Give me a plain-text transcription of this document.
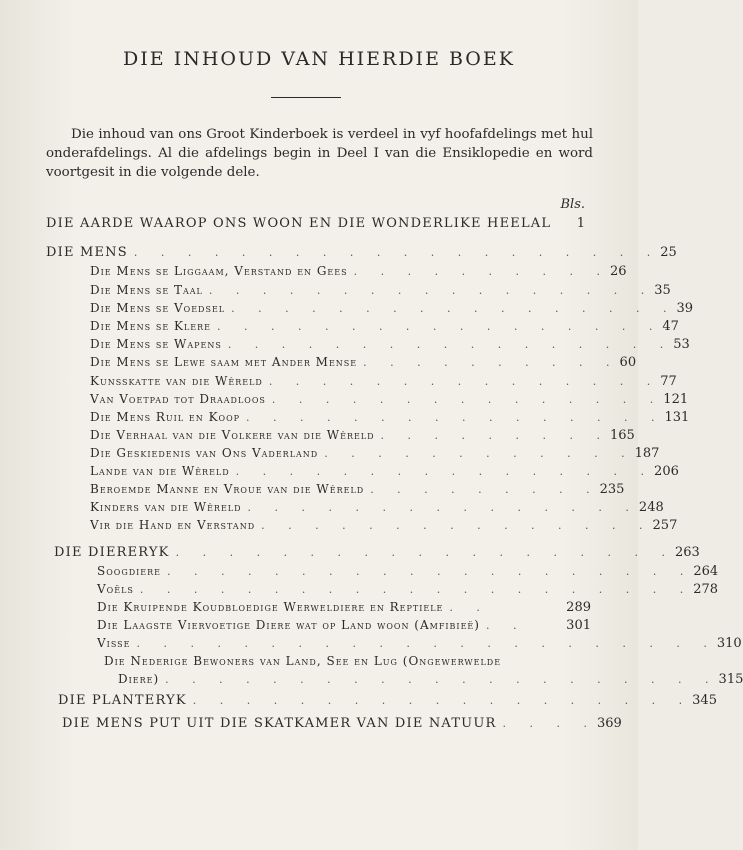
DIE INHOUD VAN HIERDIE BOEK

Die inhoud van ons Groot Kinderboek is verdeel in vyf hoofafdelings met hul onderafdelings. Al die afdelings begin in Deel I van die Ensiklopedie en word voortgesit in die volgende dele.

Bls.
DIE AARDE WAAROP ONS WOON EN DIE WONDERLIKE HEELAL	1
DIE MENS . . . . . . . . . . . . . . . . . . . . 25
Die Mens se Liggaam, Verstand en Gees . . . . . . . . . . 26
Die Mens se Taal . . . . . . . . . . . . . . . . . 35
Die Mens se Voedsel . . . . . . . . . . . . . . . . . 39
Die Mens se Klere . . . . . . . . . . . . . . . . . 47
Die Mens se Wapens . . . . . . . . . . . . . . . . . 53
Die Mens se Lewe saam met Ander Mense . . . . . . . . . . 60
Kunsskatte van die Wêreld . . . . . . . . . . . . . . . 77
Van Voetpad tot Draadloos . . . . . . . . . . . . . . . 121
Die Mens Ruil en Koop . . . . . . . . . . . . . . . . 131
Die Verhaal van die Volkere van die Wêreld . . . . . . . . . 165
Die Geskiedenis van Ons Vaderland . . . . . . . . . . . . 187
Lande van die Wêreld . . . . . . . . . . . . . . . . 206
Beroemde Manne en Vroue van die Wêreld . . . . . . . . . 235
Kinders van die Wêreld . . . . . . . . . . . . . . . 248
Vir die Hand en Verstand . . . . . . . . . . . . . . . 257
DIE DIERERYK . . . . . . . . . . . . . . . . . . . 263
Soogdiere . . . . . . . . . . . . . . . . . . . . 264
Voëls . . . . . . . . . . . . . . . . . . . . . 278
Die Kruipende Koudbloedige Werweldiere en Reptiele . .	289
Die Laagste Viervoetige Diere wat op Land woon (Amfibieë) . .	301
Visse . . . . . . . . . . . . . . . . . . . . . . 310
Die Nederige Bewoners van Land, See en Lug (Ongewerwelde
Diere) . . . . . . . . . . . . . . . . . . . . . 315
DIE PLANTERYK . . . . . . . . . . . . . . . . . . . 345
DIE MENS PUT UIT DIE SKATKAMER VAN DIE NATUUR . . . . 369
